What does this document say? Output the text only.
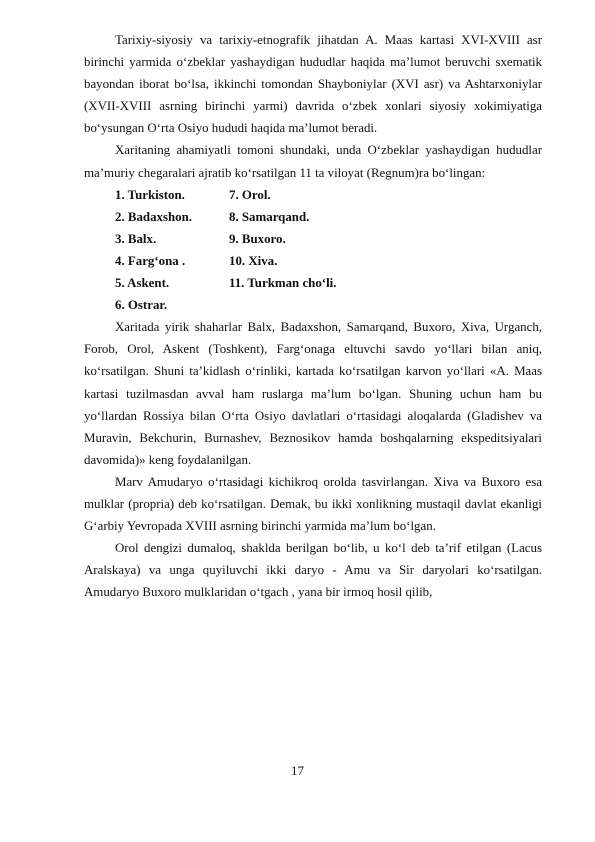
Tarixiy-siyosiy va tarixiy-etnografik jihatdan A. Maas kartasi XVI-XVIII asr birinchi yarmida o‘zbeklar yashaydigan hududlar haqida ma’lumot beruvchi sxematik bayondan iborat bo‘lsa, ikkinchi tomondan Shayboniylar (XVI asr) va Ashtarxoniylar (XVII-XVIII asrning birinchi yarmi) davrida o‘zbek xonlari siyosiy xokimiyatiga bo‘ysungan O‘rta Osiyo hududi haqida ma’lumot beradi.

Xaritaning ahamiyatli tomoni shundaki, unda O‘zbeklar yashaydigan hududlar ma’muriy chegaralari ajratib ko‘rsatilgan 11 ta viloyat (Regnum)ra bo‘lingan:

1. Turkiston.	7. Orol.
2. Badaxshon.	8. Samarqand.
3. Balx.	9. Buxoro.
4. Farg‘ona .	10. Xiva.
5. Askent.	11. Turkman cho‘li.
6. Ostrar.

Xaritada yirik shaharlar Balx, Badaxshon, Samarqand, Buxoro, Xiva, Urganch, Forob, Orol, Askent (Toshkent), Farg‘onaga eltuvchi savdo yo‘llari bilan aniq, ko‘rsatilgan. Shuni ta’kidlash o‘rinliki, kartada ko‘rsatilgan karvon yo‘llari «A. Maas kartasi tuzilmasdan avval ham ruslarga ma’lum bo‘lgan. Shuning uchun ham bu yo‘llardan Rossiya bilan O‘rta Osiyo davlatlari o‘rtasidagi aloqalarda (Gladishev va Muravin, Bekchurin, Burnashev, Beznosikov hamda boshqalarning ekspeditsiyalari davomida)» keng foydalanilgan.

Marv Amudaryo o‘rtasidagi kichikroq orolda tasvirlangan. Xiva va Buxoro esa mulklar (propria) deb ko‘rsatilgan. Demak, bu ikki xonlikning mustaqil davlat ekanligi G‘arbiy Yevropada XVIII asrning birinchi yarmida ma’lum bo‘lgan.

Orol dengizi dumaloq, shaklda berilgan bo‘lib, u ko‘l deb ta’rif etilgan (Lacus Aralskaya) va unga quyiluvchi ikki daryo - Amu va Sir daryolari ko‘rsatilgan. Amudaryo Buxoro mulklaridan o‘tgach , yana bir irmoq hosil qilib,

17
